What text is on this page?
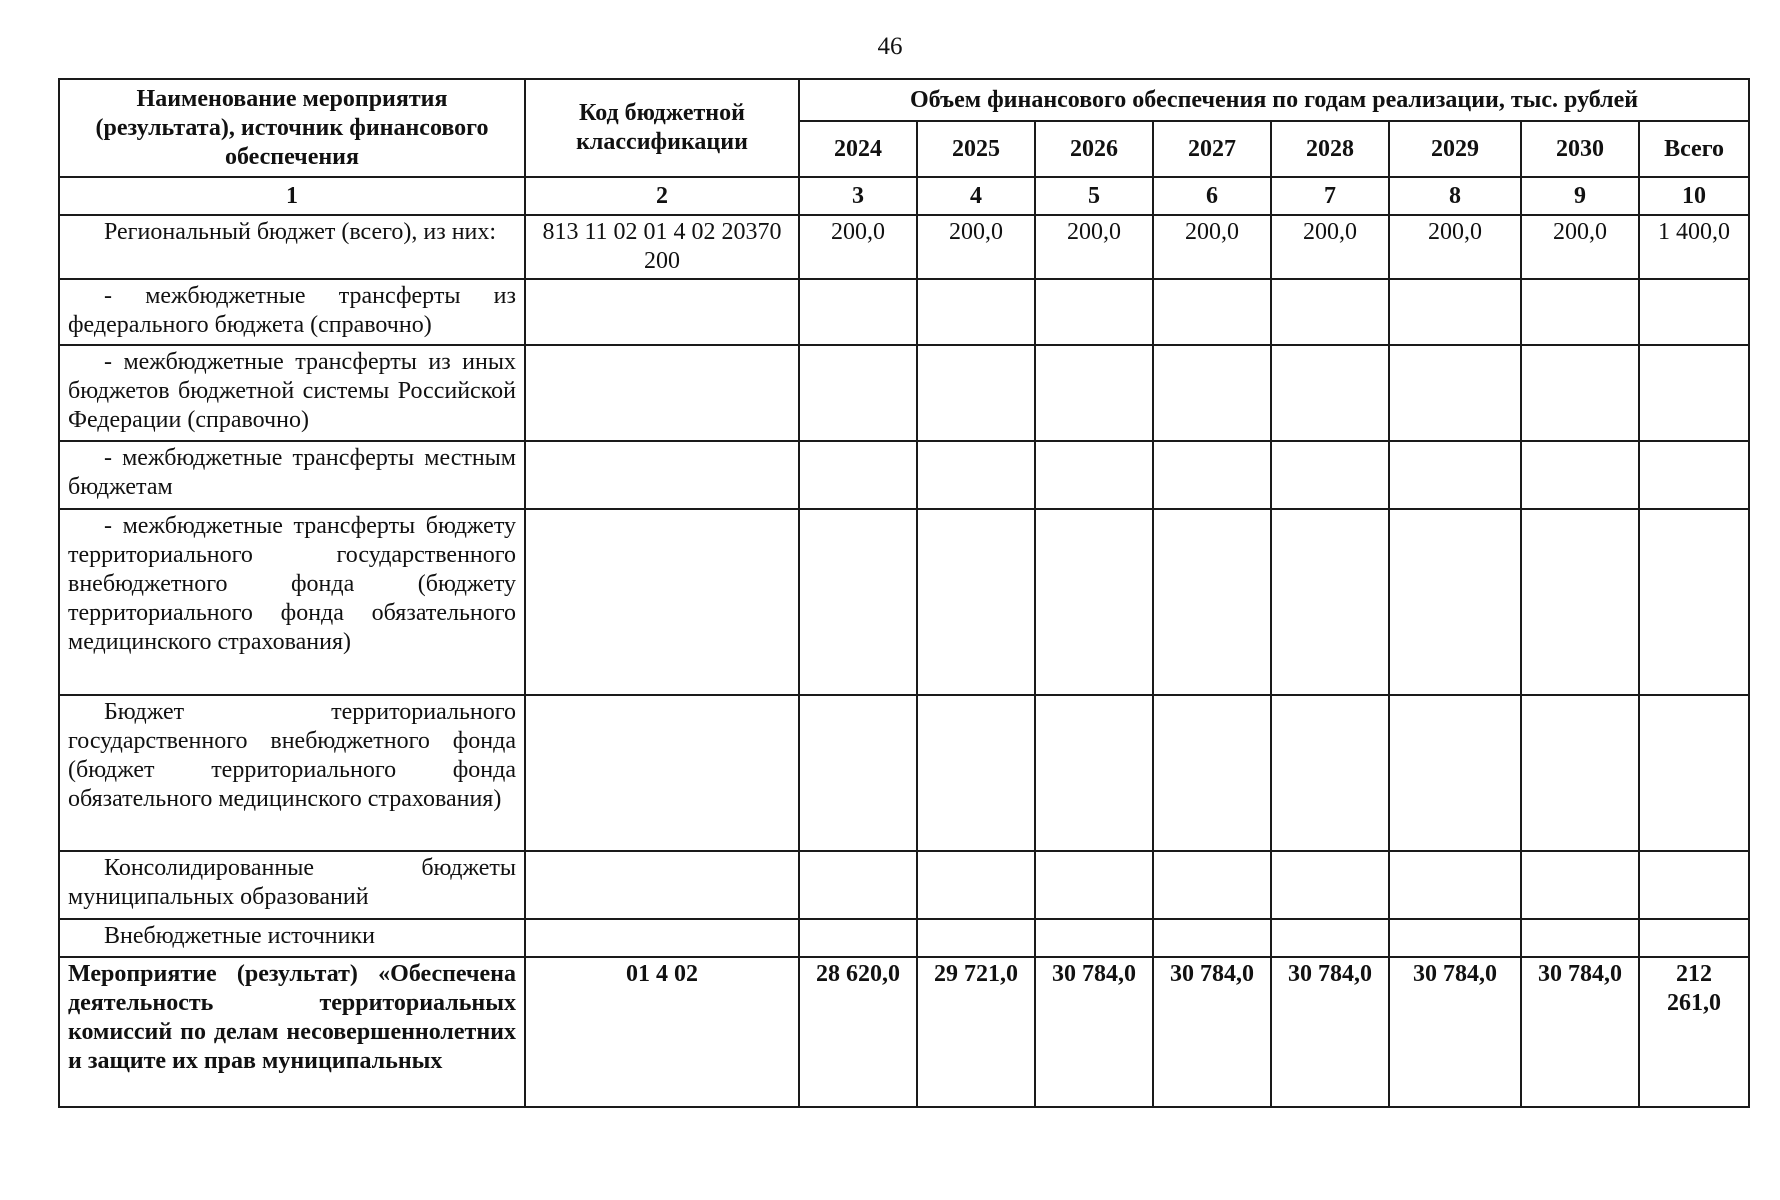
46
Наименование мероприятия (результата), источник финансового обеспечения	Код бюджетной классификации	Объем финансового обеспечения по годам реализации, тыс. рублей							
		2024	2025	2026	2027	2028	2029	2030	Всего
1	2	3	4	5	6	7	8	9	10
Региональный бюджет (всего), из них:	813 11 02 01 4 02 20370 200	200,0	200,0	200,0	200,0	200,0	200,0	200,0	1 400,0
- межбюджетные трансферты из федерального бюджета (справочно)									
- межбюджетные трансферты из иных бюджетов бюджетной системы Российской Федерации (справочно)									
- межбюджетные трансферты местным бюджетам									
- межбюджетные трансферты бюджету территориального государственного внебюджетного фонда (бюджету территориального фонда обязательного медицинского страхования)									
Бюджет территориального государственного внебюджетного фонда (бюджет территориального фонда обязательного медицинского страхования)									
Консолидированные бюджеты муниципальных образований									
Внебюджетные источники									
Мероприятие (результат) «Обеспечена деятельность территориальных комиссий по делам несовершеннолетних и защите их прав муниципальных	01 4 02	28 620,0	29 721,0	30 784,0	30 784,0	30 784,0	30 784,0	30 784,0	212 261,0
